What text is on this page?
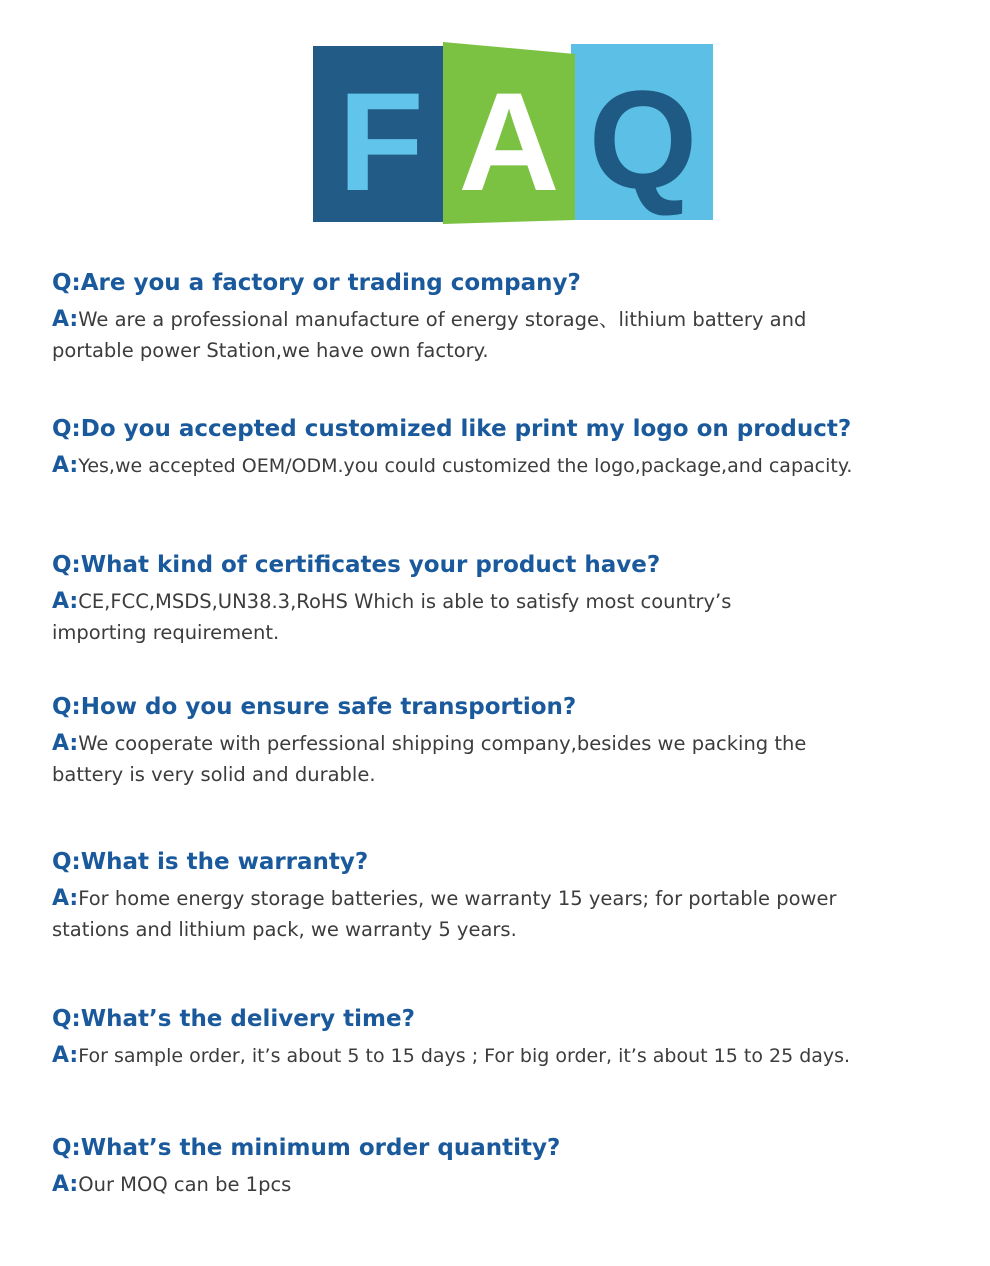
F A Q
Q:Are you a factory or trading company?

A:We are a professional manufacture of energy storage、lithium battery and portable power Station,we have own factory.

Q:Do you accepted customized like print my logo on product?

A:Yes,we accepted OEM/ODM.you could customized the logo,package,and capacity.

Q:What kind of certificates your product have?

A:CE,FCC,MSDS,UN38.3,RoHS Which is able to satisfy most country’s importing requirement.

Q:How do you ensure safe transportion?

A:We cooperate with perfessional shipping company,besides we packing the battery is very solid and durable.

Q:What is the warranty?

A:For home energy storage batteries, we warranty 15 years; for portable power stations and lithium pack, we warranty 5 years.

Q:What’s the delivery time?

A:For sample order, it’s about 5 to 15 days ; For big order, it’s about 15 to 25 days.

Q:What’s the minimum order quantity?

A:Our MOQ can be 1pcs
